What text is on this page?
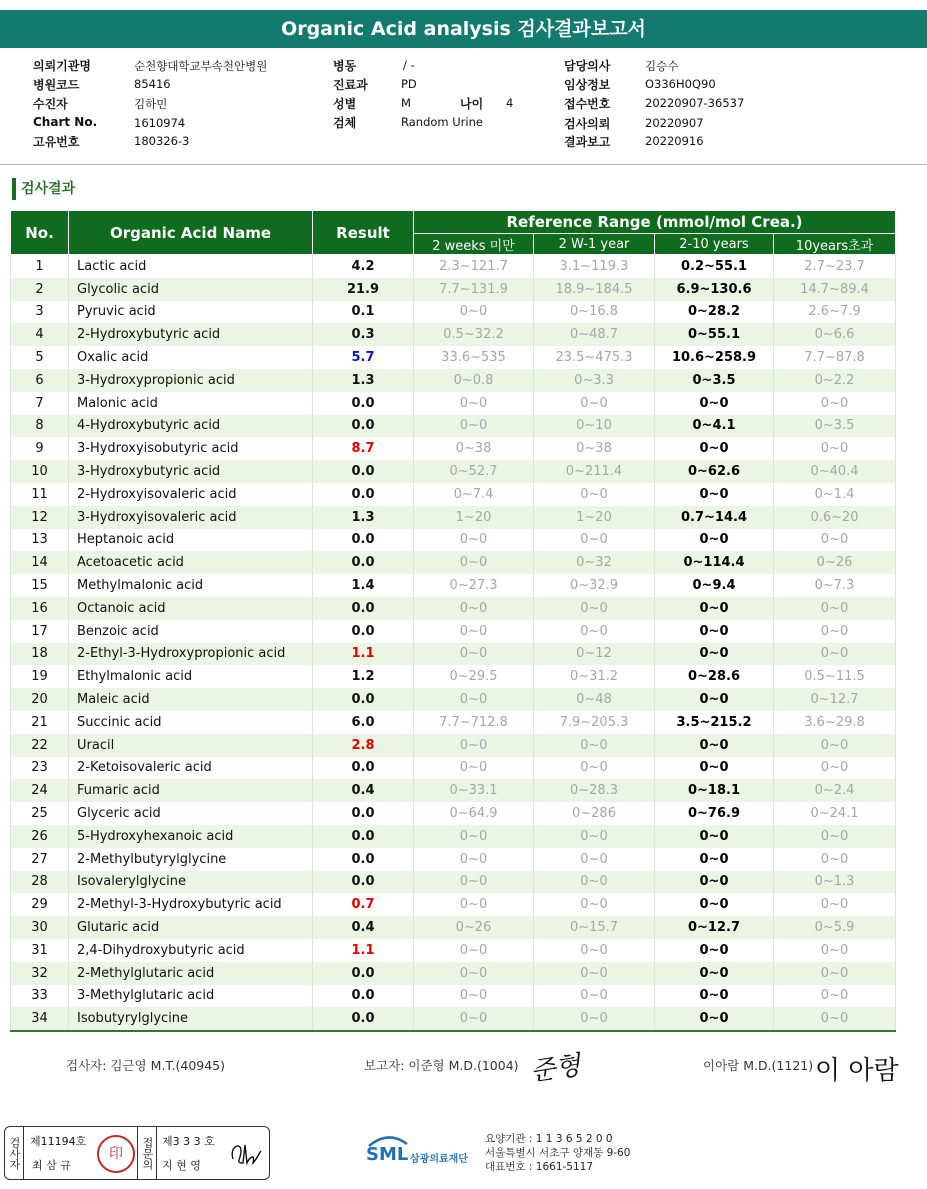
Organic Acid analysis 검사결과보고서
의뢰기관명	순천향대학교부속천안병원
병원코드	85416
수진자	김하민
Chart No.	1610974
고유번호	180326-3
병동	/ -
진료과	PD
성별	M	나이 4
검체	Random Urine
담당의사	김승수
임상정보	O336H0Q90
접수번호	20220907-36537
검사의뢰	20220907
결과보고	20220916
검사결과
No.	Organic Acid Name	Result	Reference Range (mmol/mol Crea.)			
			2 weeks 미만	2 W-1 year	2-10 years	10years초과
1	Lactic acid	4.2	2.3~121.7	3.1~119.3	0.2~55.1	2.7~23.7
2	Glycolic acid	21.9	7.7~131.9	18.9~184.5	6.9~130.6	14.7~89.4
3	Pyruvic acid	0.1	0~0	0~16.8	0~28.2	2.6~7.9
4	2-Hydroxybutyric acid	0.3	0.5~32.2	0~48.7	0~55.1	0~6.6
5	Oxalic acid	5.7	33.6~535	23.5~475.3	10.6~258.9	7.7~87.8
6	3-Hydroxypropionic acid	1.3	0~0.8	0~3.3	0~3.5	0~2.2
7	Malonic acid	0.0	0~0	0~0	0~0	0~0
8	4-Hydroxybutyric acid	0.0	0~0	0~10	0~4.1	0~3.5
9	3-Hydroxyisobutyric acid	8.7	0~38	0~38	0~0	0~0
10	3-Hydroxybutyric acid	0.0	0~52.7	0~211.4	0~62.6	0~40.4
11	2-Hydroxyisovaleric acid	0.0	0~7.4	0~0	0~0	0~1.4
12	3-Hydroxyisovaleric acid	1.3	1~20	1~20	0.7~14.4	0.6~20
13	Heptanoic acid	0.0	0~0	0~0	0~0	0~0
14	Acetoacetic acid	0.0	0~0	0~32	0~114.4	0~26
15	Methylmalonic acid	1.4	0~27.3	0~32.9	0~9.4	0~7.3
16	Octanoic acid	0.0	0~0	0~0	0~0	0~0
17	Benzoic acid	0.0	0~0	0~0	0~0	0~0
18	2-Ethyl-3-Hydroxypropionic acid	1.1	0~0	0~12	0~0	0~0
19	Ethylmalonic acid	1.2	0~29.5	0~31.2	0~28.6	0.5~11.5
20	Maleic acid	0.0	0~0	0~48	0~0	0~12.7
21	Succinic acid	6.0	7.7~712.8	7.9~205.3	3.5~215.2	3.6~29.8
22	Uracil	2.8	0~0	0~0	0~0	0~0
23	2-Ketoisovaleric acid	0.0	0~0	0~0	0~0	0~0
24	Fumaric acid	0.4	0~33.1	0~28.3	0~18.1	0~2.4
25	Glyceric acid	0.0	0~64.9	0~286	0~76.9	0~24.1
26	5-Hydroxyhexanoic acid	0.0	0~0	0~0	0~0	0~0
27	2-Methylbutyrylglycine	0.0	0~0	0~0	0~0	0~0
28	Isovalerylglycine	0.0	0~0	0~0	0~0	0~1.3
29	2-Methyl-3-Hydroxybutyric acid	0.7	0~0	0~0	0~0	0~0
30	Glutaric acid	0.4	0~26	0~15.7	0~12.7	0~5.9
31	2,4-Dihydroxybutyric acid	1.1	0~0	0~0	0~0	0~0
32	2-Methylglutaric acid	0.0	0~0	0~0	0~0	0~0
33	3-Methylglutaric acid	0.0	0~0	0~0	0~0	0~0
34	Isobutyrylglycine	0.0	0~0	0~0	0~0	0~0
검사자: 김근영 M.T.(40945)	보고자: 이준형 M.D.(1004) 준형	이아람 M.D.(1121) 이 아람
검사자 제11194호
최 삼 규
印	접문의 제3 3 3 호
지 현 영
SML 삼광의료재단
요양기관 : 1 1 3 6 5 2 0 0
서울특별시 서초구 양재동 9-60
대표번호 : 1661-5117
